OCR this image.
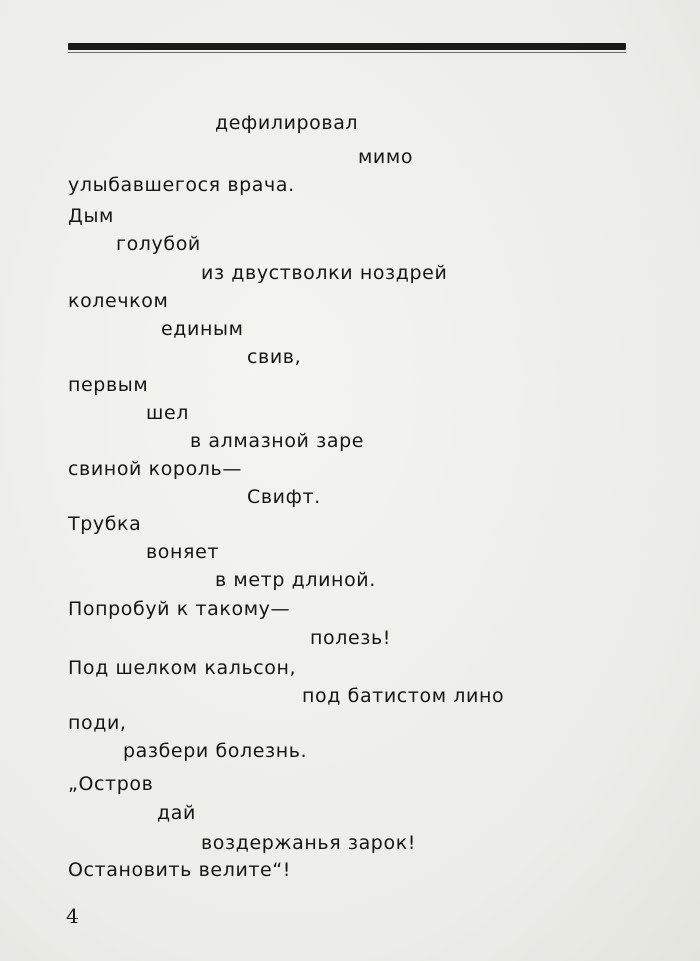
дефилировал
мимо
улыбавшегося врача.
Дым
голубой
из двустволки ноздрей
колечком
единым
свив,
первым
шел
в алмазной заре
свиной король—
Свифт.
Трубка
воняет
в метр длиной.
Попробуй к такому—
полезь!
Под шелком кальсон,
под батистом лино
поди,
разбери болезнь.
„Остров
дай
воздержанья зарок!
Остановить велите“!
4
